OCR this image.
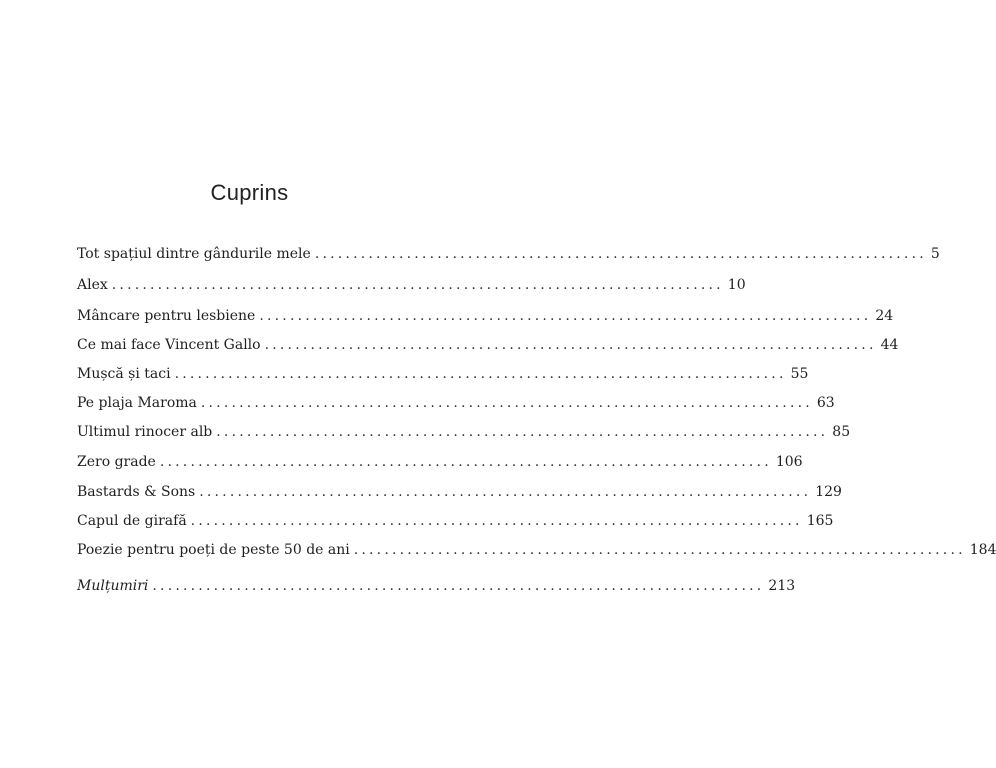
Cuprins
Tot spațiul dintre gândurile mele ................................................................................ 5
Alex ................................................................................ 10
Mâncare pentru lesbiene ................................................................................ 24
Ce mai face Vincent Gallo ................................................................................ 44
Mușcă și taci ................................................................................ 55
Pe plaja Maroma ................................................................................ 63
Ultimul rinocer alb ................................................................................ 85
Zero grade ................................................................................ 106
Bastards & Sons ................................................................................ 129
Capul de girafă ................................................................................ 165
Poezie pentru poeți de peste 50 de ani ................................................................................ 184
Mulțumiri ................................................................................ 213
